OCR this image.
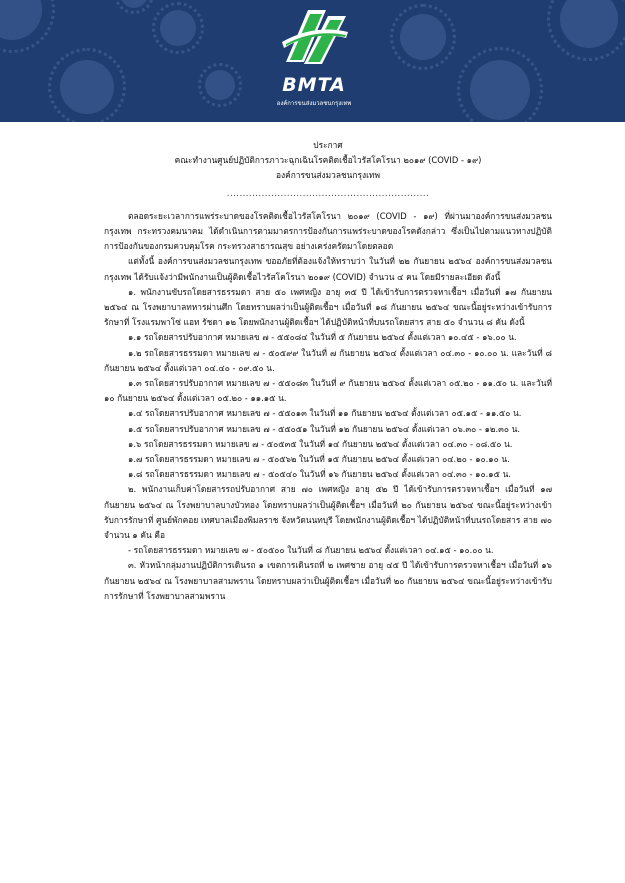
BMTA
องค์การขนส่งมวลชนกรุงเทพ
ประกาศ
คณะทำงานศูนย์ปฏิบัติการภาวะฉุกเฉินโรคติดเชื้อไวรัสโคโรนา ๒๐๑๙ (COVID - ๑๙)
องค์การขนส่งมวลชนกรุงเทพ
................................................................

ตลอดระยะเวลาการแพร่ระบาดของโรคติดเชื้อไวรัสโคโรนา ๒๐๑๙ (COVID - ๑๙) ที่ผ่านมาองค์การขนส่งมวลชนกรุงเทพ กระทรวงคมนาคม ได้ดำเนินการตามมาตรการป้องกันการแพร่ระบาดของโรคดังกล่าว ซึ่งเป็นไปตามแนวทางปฏิบัติการป้องกันของกรมควบคุมโรค กระทรวงสาธารณสุข อย่างเคร่งครัดมาโดยตลอด

แต่ทั้งนี้ องค์การขนส่งมวลชนกรุงเทพ ขออภัยที่ต้องแจ้งให้ทราบว่า ในวันที่ ๒๒ กันยายน ๒๕๖๔ องค์การขนส่งมวลชนกรุงเทพ ได้รับแจ้งว่ามีพนักงานเป็นผู้ติดเชื้อไวรัสโคโรนา ๒๐๑๙ (COVID) จำนวน ๔ คน โดยมีรายละเอียด ดังนี้

๑. พนักงานขับรถโดยสารธรรมดา สาย ๕๐ เพศหญิง อายุ ๓๕ ปี ได้เข้ารับการตรวจหาเชื้อฯ เมื่อวันที่ ๑๗ กันยายน ๒๕๖๔ ณ โรงพยาบาลทหารผ่านศึก โดยทราบผลว่าเป็นผู้ติดเชื้อฯ เมื่อวันที่ ๑๘ กันยายน ๒๕๖๔ ขณะนี้อยู่ระหว่างเข้ารับการรักษาที่ โรงแรมพาโซ่ แอท รัชดา ๑๒ โดยพนักงานผู้ติดเชื้อฯ ได้ปฏิบัติหน้าที่บนรถโดยสาร สาย ๕๐ จำนวน ๘ คัน ดังนี้

๑.๑ รถโดยสารปรับอากาศ หมายเลข ๗ - ๕๕๐๘๔ ในวันที่ ๕ กันยายน ๒๕๖๔ ตั้งแต่เวลา ๑๐.๔๕ - ๑๖.๐๐ น.

๑.๒ รถโดยสารธรรมดา หมายเลข ๗ - ๕๐๕๙๙ ในวันที่ ๗ กันยายน ๒๕๖๔ ตั้งแต่เวลา ๐๔.๓๐ - ๑๐.๐๐ น. และวันที่ ๘ กันยายน ๒๕๖๔ ตั้งแต่เวลา ๐๔.๔๐ - ๐๙.๕๐ น.

๑.๓ รถโดยสารปรับอากาศ หมายเลข ๗ - ๕๕๐๘๓ ในวันที่ ๙ กันยายน ๒๕๖๔ ตั้งแต่เวลา ๐๕.๒๐ - ๑๑.๕๐ น. และวันที่ ๑๐ กันยายน ๒๕๖๔ ตั้งแต่เวลา ๐๕.๒๐ - ๑๑.๑๕ น.

๑.๔ รถโดยสารปรับอากาศ หมายเลข ๗ - ๕๕๐๑๓ ในวันที่ ๑๑ กันยายน ๒๕๖๔ ตั้งแต่เวลา ๐๕.๑๕ - ๑๑.๕๐ น.

๑.๕ รถโดยสารปรับอากาศ หมายเลข ๗ - ๕๕๐๕๑ ในวันที่ ๑๒ กันยายน ๒๕๖๔ ตั้งแต่เวลา ๐๖.๓๐ - ๑๒.๓๐ น.

๑.๖ รถโดยสารธรรมดา หมายเลข ๗ - ๕๐๕๓๕ ในวันที่ ๑๔ กันยายน ๒๕๖๔ ตั้งแต่เวลา ๐๔.๓๐ - ๐๘.๕๐ น.

๑.๗ รถโดยสารธรรมดา หมายเลข ๗ - ๕๐๕๖๒ ในวันที่ ๑๕ กันยายน ๒๕๖๔ ตั้งแต่เวลา ๐๔.๒๐ - ๑๐.๑๐ น.

๑.๘ รถโดยสารธรรมดา หมายเลข ๗ - ๕๐๕๔๐ ในวันที่ ๑๖ กันยายน ๒๕๖๔ ตั้งแต่เวลา ๐๔.๓๐ - ๑๐.๑๕ น.

๒. พนักงานเก็บค่าโดยสารรถปรับอากาศ สาย ๗๐ เพศหญิง อายุ ๕๒ ปี ได้เข้ารับการตรวจหาเชื้อฯ เมื่อวันที่ ๑๗ กันยายน ๒๕๖๔ ณ โรงพยาบาลบางบัวทอง โดยทราบผลว่าเป็นผู้ติดเชื้อฯ เมื่อวันที่ ๒๐ กันยายน ๒๕๖๔ ขณะนี้อยู่ระหว่างเข้ารับการรักษาที่ ศูนย์พักคอย เทศบาลเมืองพิมลราช จังหวัดนนทบุรี โดยพนักงานผู้ติดเชื้อฯ ได้ปฏิบัติหน้าที่บนรถโดยสาร สาย ๗๐ จำนวน ๑ คัน คือ

- รถโดยสารธรรมดา หมายเลข ๗ - ๕๐๕๐๐ ในวันที่ ๘ กันยายน ๒๕๖๔ ตั้งแต่เวลา ๐๔.๑๕ - ๑๐.๐๐ น.

๓. หัวหน้ากลุ่มงานปฏิบัติการเดินรถ ๑ เขตการเดินรถที่ ๒ เพศชาย อายุ ๔๕ ปี ได้เข้ารับการตรวจหาเชื้อฯ เมื่อวันที่ ๑๖ กันยายน ๒๕๖๔ ณ โรงพยาบาลสามพราน โดยทราบผลว่าเป็นผู้ติดเชื้อฯ เมื่อวันที่ ๒๐ กันยายน ๒๕๖๔ ขณะนี้อยู่ระหว่างเข้ารับการรักษาที่ โรงพยาบาลสามพราน
